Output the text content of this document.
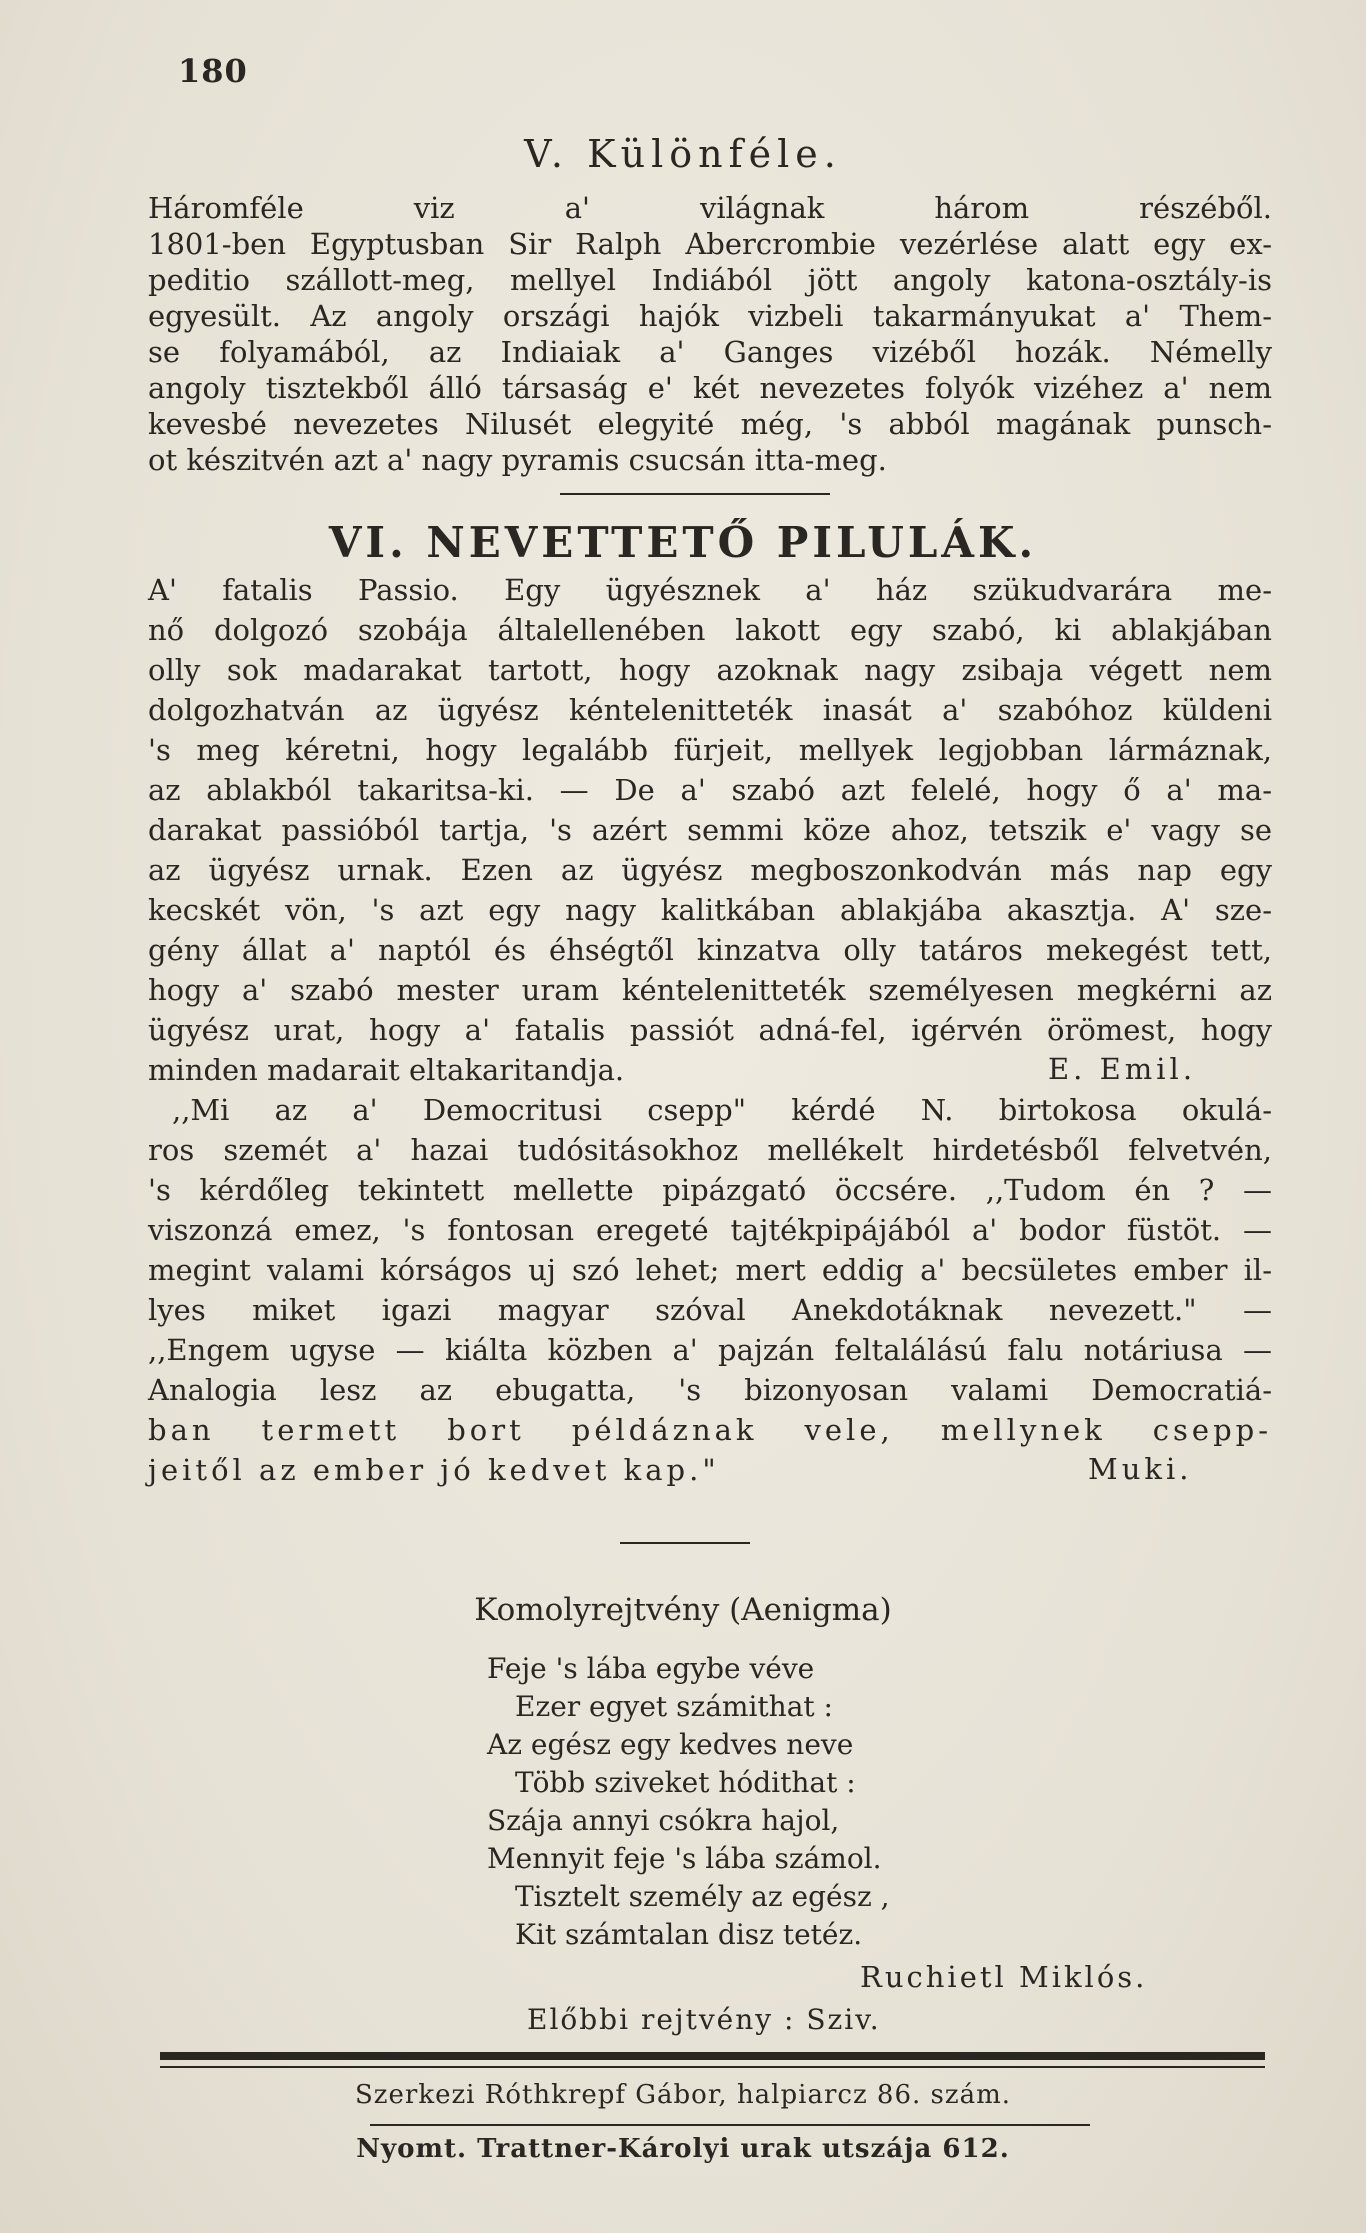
180
V. Különféle.
Háromféle viz a' világnak három részéből.
1801-ben Egyptusban Sir Ralph Abercrombie vezérlése alatt egy ex-
peditio szállott-meg, mellyel Indiából jött angoly katona-osztály-is
egyesült. Az angoly országi hajók vizbeli takarmányukat a' Them-
se folyamából, az Indiaiak a' Ganges vizéből hozák. Némelly
angoly tisztekből álló társaság e' két nevezetes folyók vizéhez a' nem
kevesbé nevezetes Nilusét elegyité még, 's abból magának punsch-
ot készitvén azt a' nagy pyramis csucsán itta-meg.
VI. NEVETTETŐ PILULÁK.
A' fatalis Passio. Egy ügyésznek a' ház szükudvarára me-
nő dolgozó szobája általellenében lakott egy szabó, ki ablakjában
olly sok madarakat tartott, hogy azoknak nagy zsibaja végett nem
dolgozhatván az ügyész kéntelenitteték inasát a' szabóhoz küldeni
's meg kéretni, hogy legalább fürjeit, mellyek legjobban lármáznak,
az ablakból takaritsa-ki. — De a' szabó azt felelé, hogy ő a' ma-
darakat passióból tartja, 's azért semmi köze ahoz, tetszik e' vagy se
az ügyész urnak. Ezen az ügyész megboszonkodván más nap egy
kecskét vön, 's azt egy nagy kalitkában ablakjába akasztja. A' sze-
gény állat a' naptól és éhségtől kinzatva olly tatáros mekegést tett,
hogy a' szabó mester uram kéntelenitteték személyesen megkérni az
ügyész urat, hogy a' fatalis passiót adná-fel, igérvén örömest, hogy
minden madarait eltakaritandja.	E. Emil.
,,Mi az a' Democritusi csepp" kérdé N. birtokosa okulá-
ros szemét a' hazai tudósitásokhoz mellékelt hirdetésből felvetvén,
's kérdőleg tekintett mellette pipázgató öccsére. ,,Tudom én ? —
viszonzá emez, 's fontosan eregeté tajtékpipájából a' bodor füstöt. —
megint valami kórságos uj szó lehet; mert eddig a' becsületes ember il-
lyes miket igazi magyar szóval Anekdotáknak nevezett." —
,,Engem ugyse — kiálta közben a' pajzán feltalálású falu notáriusa —
Analogia lesz az ebugatta, 's bizonyosan valami Democratiá-
ban termett bort példáznak vele, mellynek csepp-
jeitől az ember jó kedvet kap."	Muki.
Komolyrejtvény (Aenigma)
Feje 's lába egybe véve
Ezer egyet számithat :
Az egész egy kedves neve
Több sziveket hódithat :
Szája annyi csókra hajol,
Mennyit feje 's lába számol.
Tisztelt személy az egész ,
Kit számtalan disz tetéz.
Ruchietl Miklós.
Előbbi rejtvény : Sziv.
Szerkezi Róthkrepf Gábor, halpiarcz 86. szám.
Nyomt. Trattner-Károlyi urak utszája 612.
